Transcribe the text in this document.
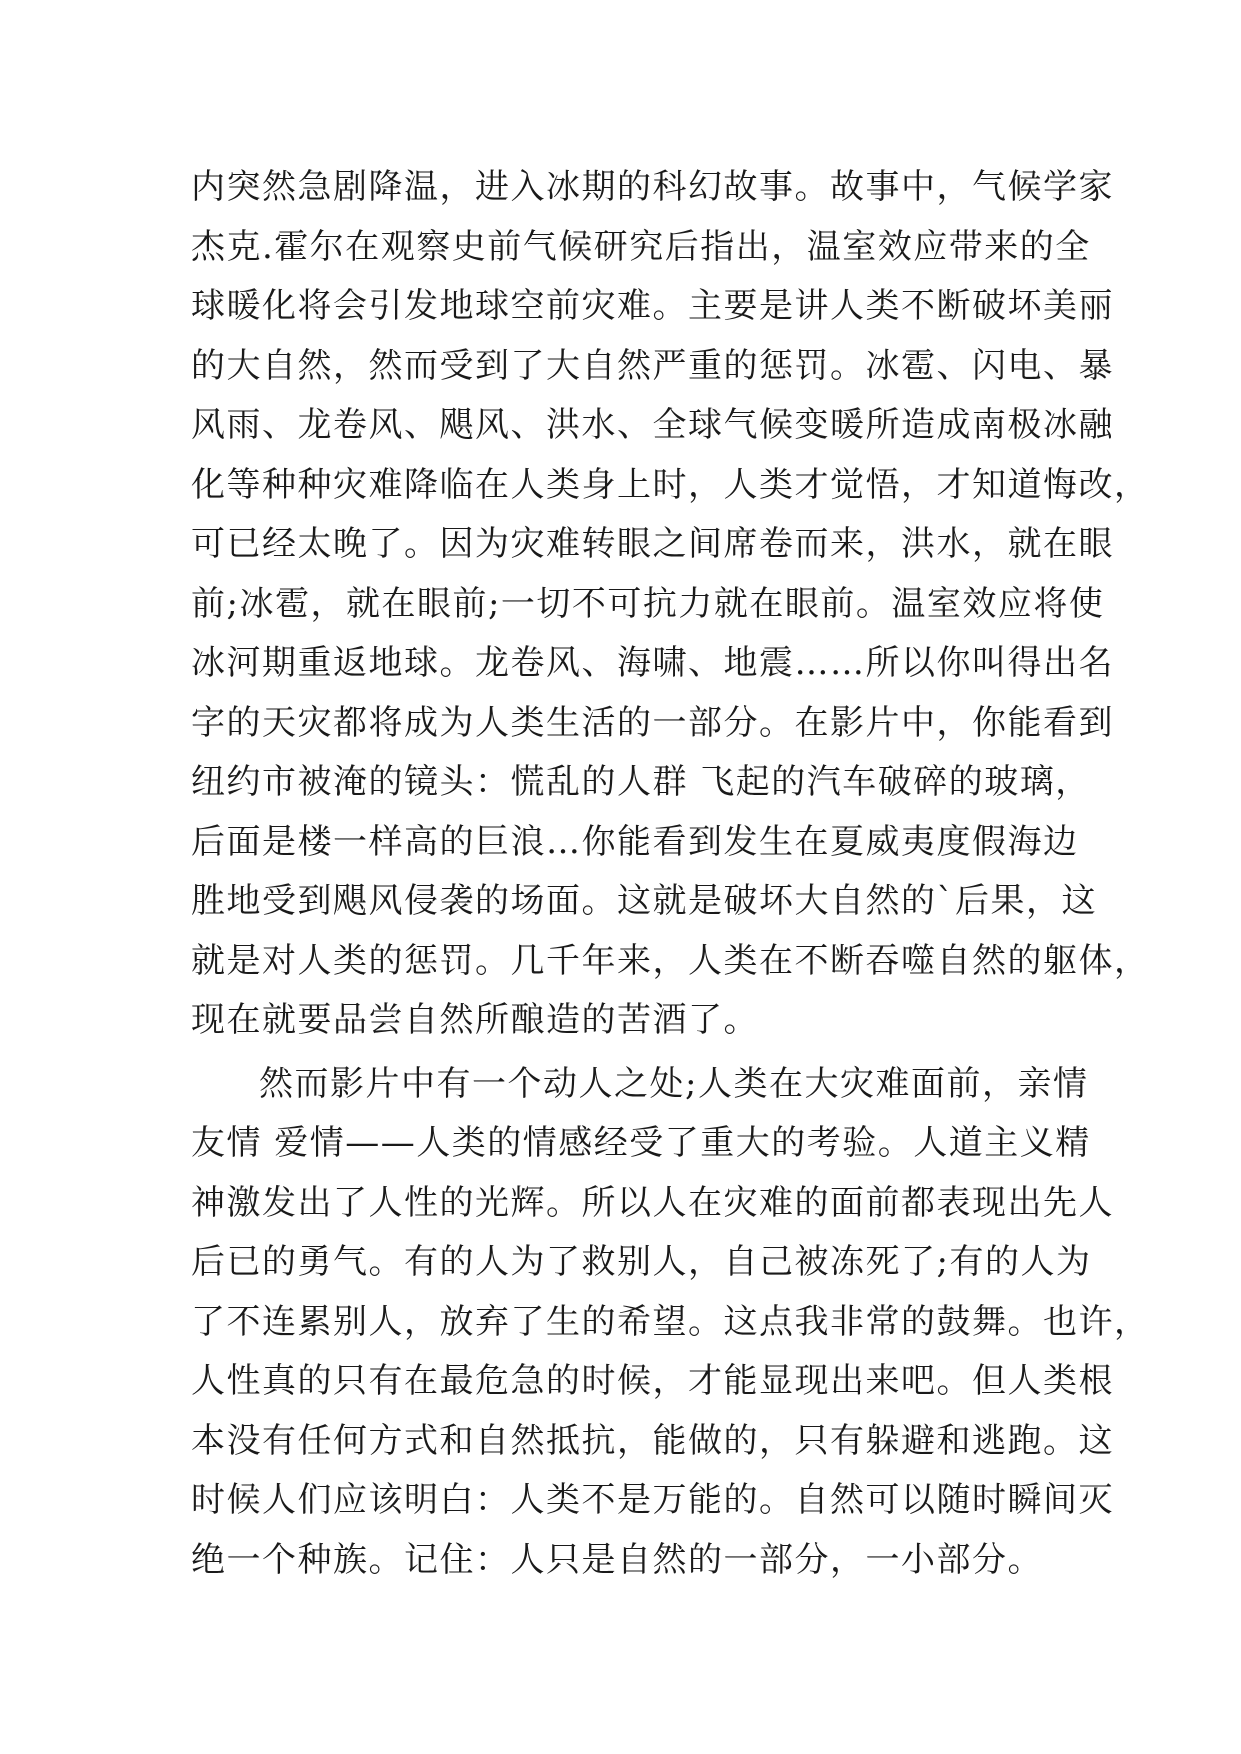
内突然急剧降温，进入冰期的科幻故事。故事中，气候学家
杰克.霍尔在观察史前气候研究后指出，温室效应带来的全
球暖化将会引发地球空前灾难。主要是讲人类不断破坏美丽
的大自然，然而受到了大自然严重的惩罚。冰雹、闪电、暴
风雨、龙卷风、飓风、洪水、全球气候变暖所造成南极冰融
化等种种灾难降临在人类身上时，人类才觉悟，才知道悔改，
可已经太晚了。因为灾难转眼之间席卷而来，洪水，就在眼
前;冰雹，就在眼前;一切不可抗力就在眼前。温室效应将使
冰河期重返地球。龙卷风、海啸、地震……所以你叫得出名
字的天灾都将成为人类生活的一部分。在影片中，你能看到
纽约市被淹的镜头：慌乱的人群 飞起的汽车破碎的玻璃，
后面是楼一样高的巨浪…你能看到发生在夏威夷度假海边
胜地受到飓风侵袭的场面。这就是破坏大自然的`后果，这
就是对人类的惩罚。几千年来，人类在不断吞噬自然的躯体，
现在就要品尝自然所酿造的苦酒了。
然而影片中有一个动人之处;人类在大灾难面前，亲情
友情 爱情——人类的情感经受了重大的考验。人道主义精
神激发出了人性的光辉。所以人在灾难的面前都表现出先人
后已的勇气。有的人为了救别人，自己被冻死了;有的人为
了不连累别人，放弃了生的希望。这点我非常的鼓舞。也许，
人性真的只有在最危急的时候，才能显现出来吧。但人类根
本没有任何方式和自然抵抗，能做的，只有躲避和逃跑。这
时候人们应该明白：人类不是万能的。自然可以随时瞬间灭
绝一个种族。记住：人只是自然的一部分，一小部分。
